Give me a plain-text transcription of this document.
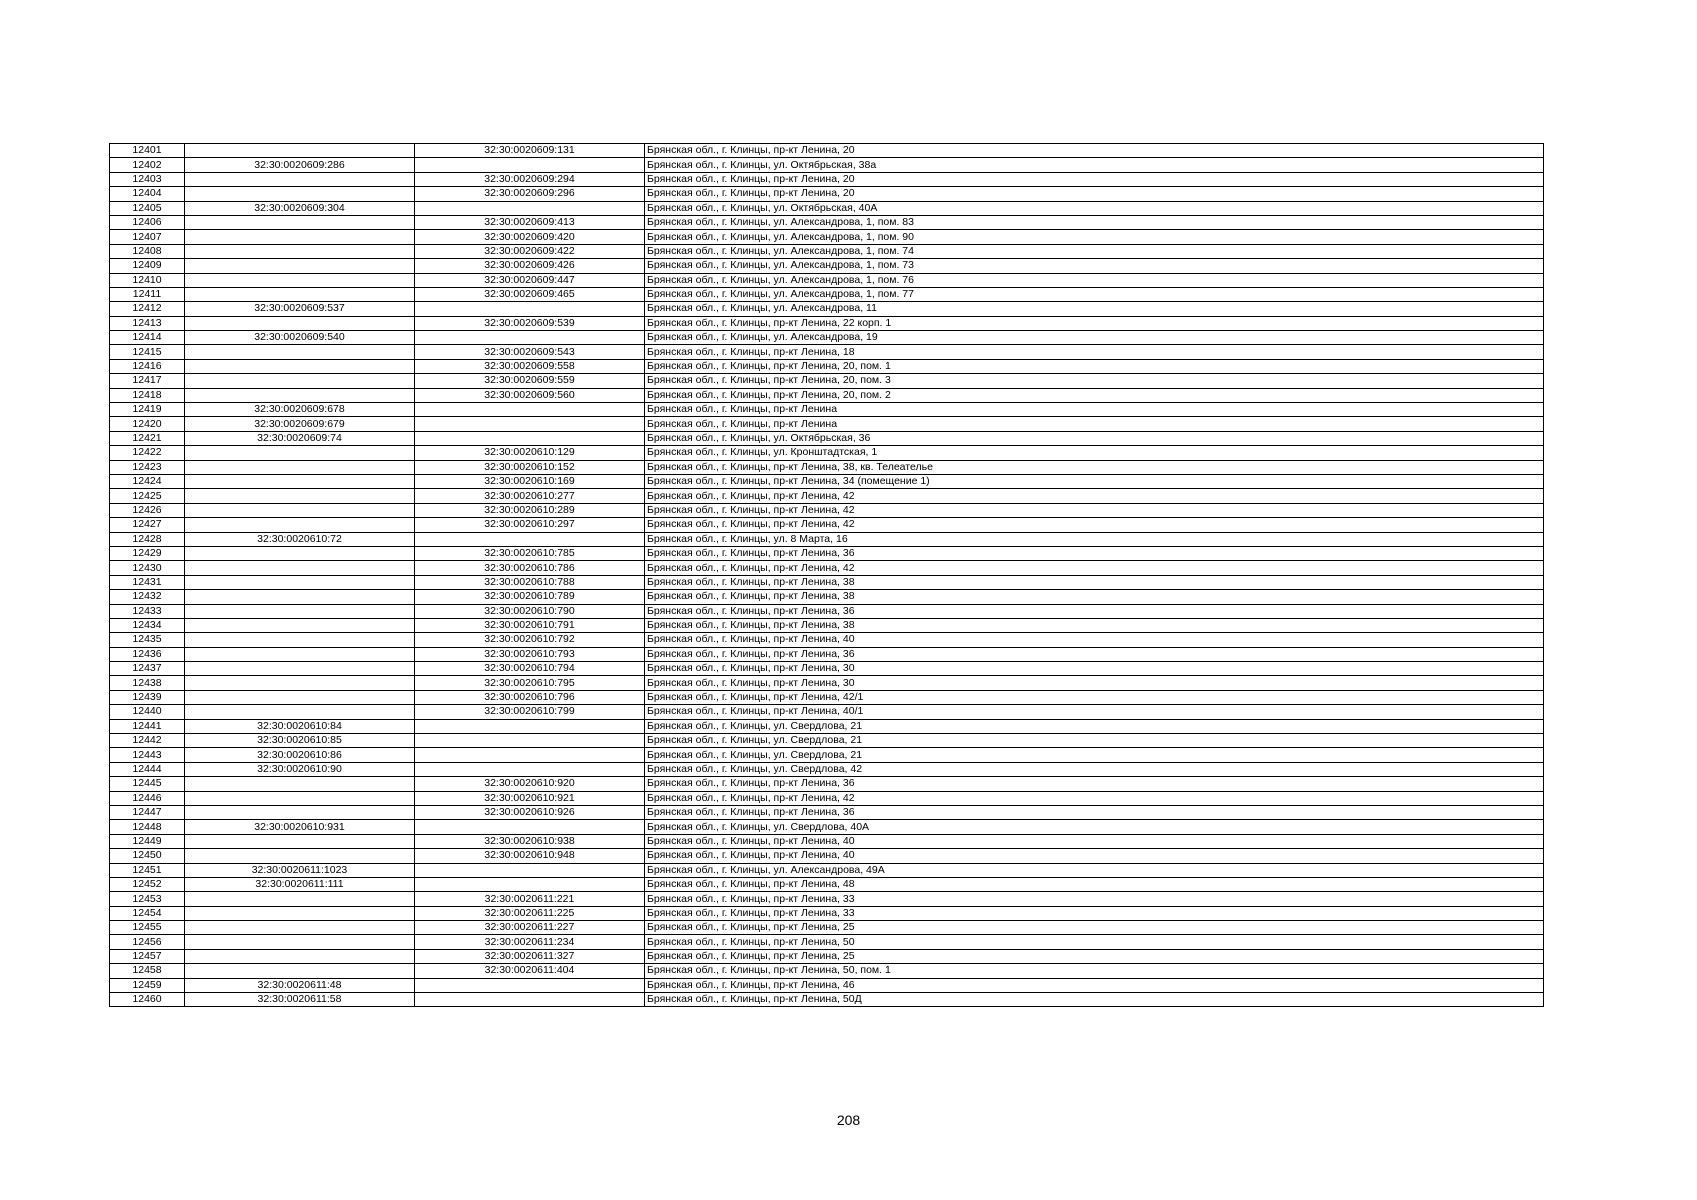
12401		32:30:0020609:131	Брянская обл., г. Клинцы, пр-кт Ленина, 20
12402	32:30:0020609:286		Брянская обл., г. Клинцы, ул. Октябрьская, 38а
12403		32:30:0020609:294	Брянская обл., г. Клинцы, пр-кт Ленина, 20
12404		32:30:0020609:296	Брянская обл., г. Клинцы, пр-кт Ленина, 20
12405	32:30:0020609:304		Брянская обл., г. Клинцы, ул. Октябрьская, 40А
12406		32:30:0020609:413	Брянская обл., г. Клинцы, ул. Александрова, 1, пом. 83
12407		32:30:0020609:420	Брянская обл., г. Клинцы, ул. Александрова, 1, пом. 90
12408		32:30:0020609:422	Брянская обл., г. Клинцы, ул. Александрова, 1, пом. 74
12409		32:30:0020609:426	Брянская обл., г. Клинцы, ул. Александрова, 1, пом. 73
12410		32:30:0020609:447	Брянская обл., г. Клинцы, ул. Александрова, 1, пом. 76
12411		32:30:0020609:465	Брянская обл., г. Клинцы, ул. Александрова, 1, пом. 77
12412	32:30:0020609:537		Брянская обл., г. Клинцы, ул. Александрова, 11
12413		32:30:0020609:539	Брянская обл., г. Клинцы, пр-кт Ленина, 22 корп. 1
12414	32:30:0020609:540		Брянская обл., г. Клинцы, ул. Александрова, 19
12415		32:30:0020609:543	Брянская обл., г. Клинцы, пр-кт Ленина, 18
12416		32:30:0020609:558	Брянская обл., г. Клинцы, пр-кт Ленина, 20, пом. 1
12417		32:30:0020609:559	Брянская обл., г. Клинцы, пр-кт Ленина, 20, пом. 3
12418		32:30:0020609:560	Брянская обл., г. Клинцы, пр-кт Ленина, 20, пом. 2
12419	32:30:0020609:678		Брянская обл., г. Клинцы, пр-кт Ленина
12420	32:30:0020609:679		Брянская обл., г. Клинцы, пр-кт Ленина
12421	32:30:0020609:74		Брянская обл., г. Клинцы, ул. Октябрьская, 36
12422		32:30:0020610:129	Брянская обл., г. Клинцы, ул. Кронштадтская, 1
12423		32:30:0020610:152	Брянская обл., г. Клинцы, пр-кт Ленина, 38, кв. Телеателье
12424		32:30:0020610:169	Брянская обл., г. Клинцы, пр-кт Ленина, 34 (помещение 1)
12425		32:30:0020610:277	Брянская обл., г. Клинцы, пр-кт Ленина, 42
12426		32:30:0020610:289	Брянская обл., г. Клинцы, пр-кт Ленина, 42
12427		32:30:0020610:297	Брянская обл., г. Клинцы, пр-кт Ленина, 42
12428	32:30:0020610:72		Брянская обл., г. Клинцы, ул. 8 Марта, 16
12429		32:30:0020610:785	Брянская обл., г. Клинцы, пр-кт Ленина, 36
12430		32:30:0020610:786	Брянская обл., г. Клинцы, пр-кт Ленина, 42
12431		32:30:0020610:788	Брянская обл., г. Клинцы, пр-кт Ленина, 38
12432		32:30:0020610:789	Брянская обл., г. Клинцы, пр-кт Ленина, 38
12433		32:30:0020610:790	Брянская обл., г. Клинцы, пр-кт Ленина, 36
12434		32:30:0020610:791	Брянская обл., г. Клинцы, пр-кт Ленина, 38
12435		32:30:0020610:792	Брянская обл., г. Клинцы, пр-кт Ленина, 40
12436		32:30:0020610:793	Брянская обл., г. Клинцы, пр-кт Ленина, 36
12437		32:30:0020610:794	Брянская обл., г. Клинцы, пр-кт Ленина, 30
12438		32:30:0020610:795	Брянская обл., г. Клинцы, пр-кт Ленина, 30
12439		32:30:0020610:796	Брянская обл., г. Клинцы, пр-кт Ленина, 42/1
12440		32:30:0020610:799	Брянская обл., г. Клинцы, пр-кт Ленина, 40/1
12441	32:30:0020610:84		Брянская обл., г. Клинцы, ул. Свердлова, 21
12442	32:30:0020610:85		Брянская обл., г. Клинцы, ул. Свердлова, 21
12443	32:30:0020610:86		Брянская обл., г. Клинцы, ул. Свердлова, 21
12444	32:30:0020610:90		Брянская обл., г. Клинцы, ул. Свердлова, 42
12445		32:30:0020610:920	Брянская обл., г. Клинцы, пр-кт Ленина, 36
12446		32:30:0020610:921	Брянская обл., г. Клинцы, пр-кт Ленина, 42
12447		32:30:0020610:926	Брянская обл., г. Клинцы, пр-кт Ленина, 36
12448	32:30:0020610:931		Брянская обл., г. Клинцы, ул. Свердлова, 40А
12449		32:30:0020610:938	Брянская обл., г. Клинцы, пр-кт Ленина, 40
12450		32:30:0020610:948	Брянская обл., г. Клинцы, пр-кт Ленина, 40
12451	32:30:0020611:1023		Брянская обл., г. Клинцы, ул. Александрова, 49А
12452	32:30:0020611:111		Брянская обл., г. Клинцы, пр-кт Ленина, 48
12453		32:30:0020611:221	Брянская обл., г. Клинцы, пр-кт Ленина, 33
12454		32:30:0020611:225	Брянская обл., г. Клинцы, пр-кт Ленина, 33
12455		32:30:0020611:227	Брянская обл., г. Клинцы, пр-кт Ленина, 25
12456		32:30:0020611:234	Брянская обл., г. Клинцы, пр-кт Ленина, 50
12457		32:30:0020611:327	Брянская обл., г. Клинцы, пр-кт Ленина, 25
12458		32:30:0020611:404	Брянская обл., г. Клинцы, пр-кт Ленина, 50, пом. 1
12459	32:30:0020611:48		Брянская обл., г. Клинцы, пр-кт Ленина, 46
12460	32:30:0020611:58		Брянская обл., г. Клинцы, пр-кт Ленина, 50Д
208
